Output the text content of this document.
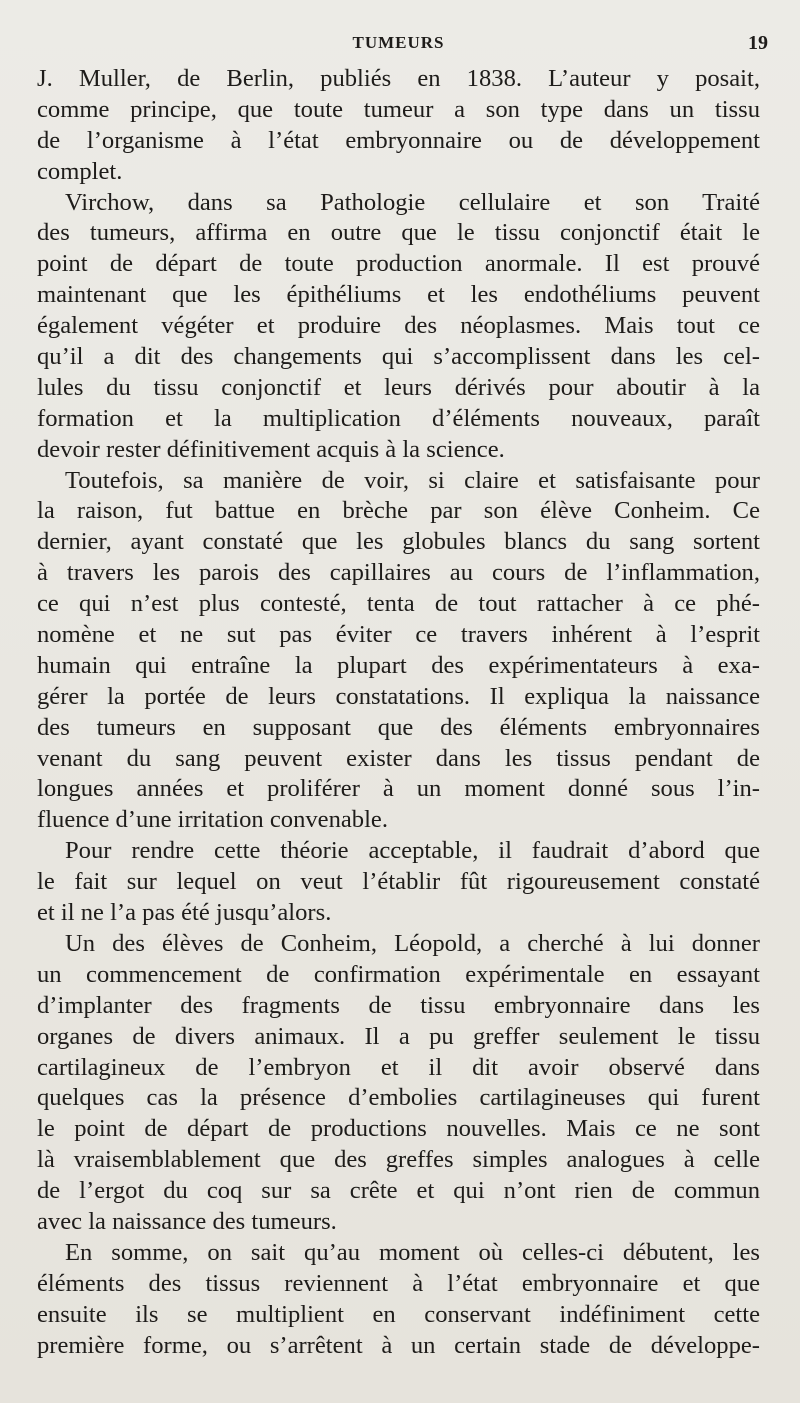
TUMEURS	19
J. Muller, de Berlin, publiés en 1838. L’auteur y posait,
comme principe, que toute tumeur a son type dans un tissu
de l’organisme à l’état embryonnaire ou de développement
complet.
Virchow, dans sa Pathologie cellulaire et son Traité
des tumeurs, affirma en outre que le tissu conjonctif était le
point de départ de toute production anormale. Il est prouvé
maintenant que les épithéliums et les endothéliums peuvent
également végéter et produire des néoplasmes. Mais tout ce
qu’il a dit des changements qui s’accomplissent dans les cel-
lules du tissu conjonctif et leurs dérivés pour aboutir à la
formation et la multiplication d’éléments nouveaux, paraît
devoir rester définitivement acquis à la science.
Toutefois, sa manière de voir, si claire et satisfaisante pour
la raison, fut battue en brèche par son élève Conheim. Ce
dernier, ayant constaté que les globules blancs du sang sortent
à travers les parois des capillaires au cours de l’inflammation,
ce qui n’est plus contesté, tenta de tout rattacher à ce phé-
nomène et ne sut pas éviter ce travers inhérent à l’esprit
humain qui entraîne la plupart des expérimentateurs à exa-
gérer la portée de leurs constatations. Il expliqua la naissance
des tumeurs en supposant que des éléments embryonnaires
venant du sang peuvent exister dans les tissus pendant de
longues années et proliférer à un moment donné sous l’in-
fluence d’une irritation convenable.
Pour rendre cette théorie acceptable, il faudrait d’abord que
le fait sur lequel on veut l’établir fût rigoureusement constaté
et il ne l’a pas été jusqu’alors.
Un des élèves de Conheim, Léopold, a cherché à lui donner
un commencement de confirmation expérimentale en essayant
d’implanter des fragments de tissu embryonnaire dans les
organes de divers animaux. Il a pu greffer seulement le tissu
cartilagineux de l’embryon et il dit avoir observé dans
quelques cas la présence d’embolies cartilagineuses qui furent
le point de départ de productions nouvelles. Mais ce ne sont
là vraisemblablement que des greffes simples analogues à celle
de l’ergot du coq sur sa crête et qui n’ont rien de commun
avec la naissance des tumeurs.
En somme, on sait qu’au moment où celles-ci débutent, les
éléments des tissus reviennent à l’état embryonnaire et que
ensuite ils se multiplient en conservant indéfiniment cette
première forme, ou s’arrêtent à un certain stade de développe-
